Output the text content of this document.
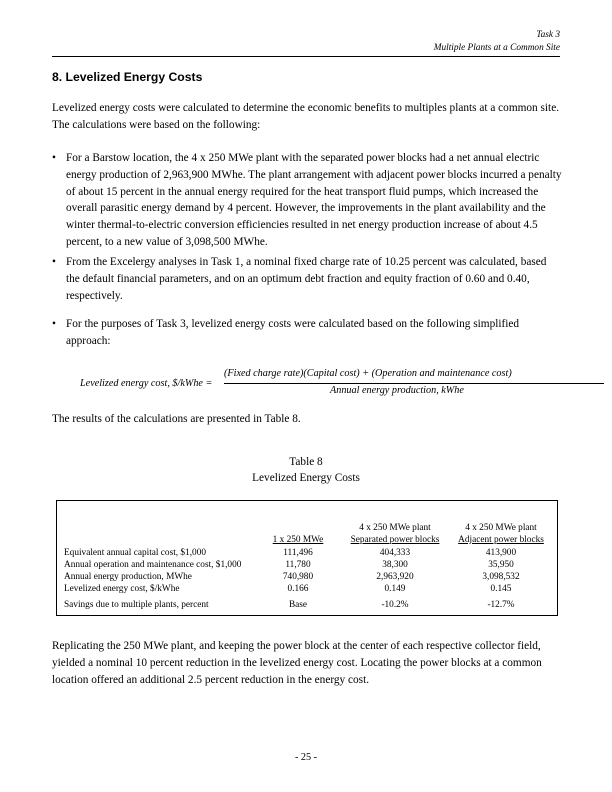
Task 3
Multiple Plants at a Common Site
8. Levelized Energy Costs
Levelized energy costs were calculated to determine the economic benefits to multiples plants at a common site. The calculations were based on the following:
• For a Barstow location, the 4 x 250 MWe plant with the separated power blocks had a net annual electric energy production of 2,963,900 MWhe. The plant arrangement with adjacent power blocks incurred a penalty of about 15 percent in the annual energy required for the heat transport fluid pumps, which increased the overall parasitic energy demand by 4 percent. However, the improvements in the plant availability and the winter thermal-to-electric conversion efficiencies resulted in net energy production increase of about 4.5 percent, to a new value of 3,098,500 MWhe.
• From the Excelergy analyses in Task 1, a nominal fixed charge rate of 10.25 percent was calculated, based the default financial parameters, and on an optimum debt fraction and equity fraction of 0.60 and 0.40, respectively.
• For the purposes of Task 3, levelized energy costs were calculated based on the following simplified approach:
Levelized energy cost, $/kWhe =
(Fixed charge rate)(Capital cost) + (Operation and maintenance cost)
Annual energy production, kWhe
The results of the calculations are presented in Table 8.
Table 8
Levelized Energy Costs
1 x 250 MWe
4 x 250 MWe plant
Separated power blocks
4 x 250 MWe plant
Adjacent power blocks
Equivalent annual capital cost, $1,000	111,496	404,333	413,900
Annual operation and maintenance cost, $1,000	11,780	38,300	35,950
Annual energy production, MWhe	740,980	2,963,920	3,098,532
Levelized energy cost, $/kWhe	0.166	0.149	0.145
Savings due to multiple plants, percent	Base	-10.2%	-12.7%
Replicating the 250 MWe plant, and keeping the power block at the center of each respective collector field, yielded a nominal 10 percent reduction in the levelized energy cost. Locating the power blocks at a common location offered an additional 2.5 percent reduction in the energy cost.
- 25 -
